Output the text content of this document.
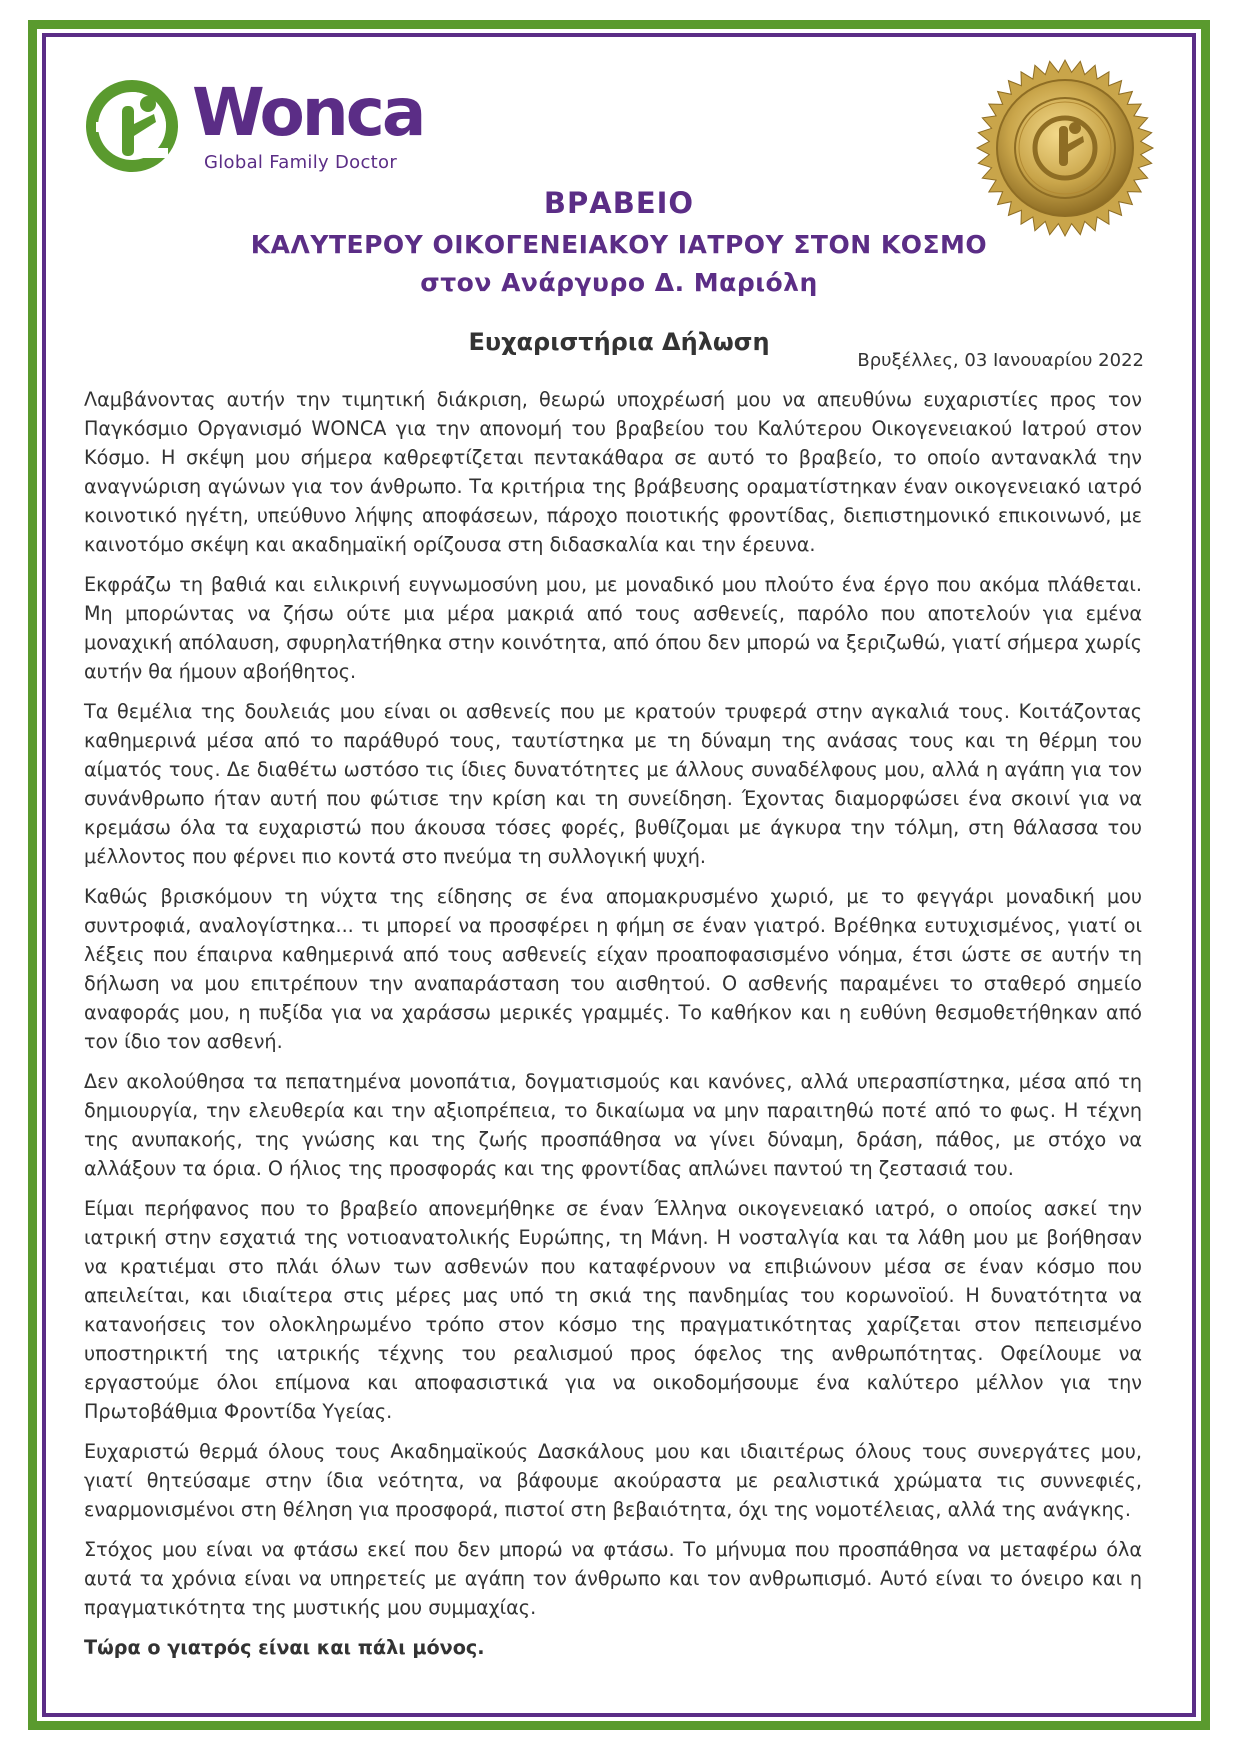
Wonca
Global Family Doctor
ΒΡΑΒΕΙΟ
ΚΑΛΥΤΕΡΟΥ ΟΙΚΟΓΕΝΕΙΑΚΟΥ ΙΑΤΡΟΥ ΣΤΟΝ ΚΟΣΜΟ
στον Ανάργυρο Δ. Μαριόλη
Ευχαριστήρια Δήλωση
Βρυξέλλες, 03 Ιανουαρίου 2022

Λαμβάνοντας αυτήν την τιμητική διάκριση, θεωρώ υποχρέωσή μου να απευθύνω ευχαριστίες προς τον Παγκόσμιο Οργανισμό WONCA για την απονομή του βραβείου του Καλύτερου Οικογενειακού Ιατρού στον Κόσμο. Η σκέψη μου σήμερα καθρεφτίζεται πεντακάθαρα σε αυτό το βραβείο, το οποίο αντανακλά την αναγνώριση αγώνων για τον άνθρωπο. Τα κριτήρια της βράβευσης οραματίστηκαν έναν οικογενειακό ιατρό κοινοτικό ηγέτη, υπεύθυνο λήψης αποφάσεων, πάροχο ποιοτικής φροντίδας, διεπιστημονικό επικοινωνό, με καινοτόμο σκέψη και ακαδημαϊκή ορίζουσα στη διδασκαλία και την έρευνα.

Εκφράζω τη βαθιά και ειλικρινή ευγνωμοσύνη μου, με μοναδικό μου πλούτο ένα έργο που ακόμα πλάθεται. Μη μπορώντας να ζήσω ούτε μια μέρα μακριά από τους ασθενείς, παρόλο που αποτελούν για εμένα μοναχική απόλαυση, σφυρηλατήθηκα στην κοινότητα, από όπου δεν μπορώ να ξεριζωθώ, γιατί σήμερα χωρίς αυτήν θα ήμουν αβοήθητος.

Τα θεμέλια της δουλειάς μου είναι οι ασθενείς που με κρατούν τρυφερά στην αγκαλιά τους. Κοιτάζοντας καθημερινά μέσα από το παράθυρό τους, ταυτίστηκα με τη δύναμη της ανάσας τους και τη θέρμη του αίματός τους. Δε διαθέτω ωστόσο τις ίδιες δυνατότητες με άλλους συναδέλφους μου, αλλά η αγάπη για τον συνάνθρωπο ήταν αυτή που φώτισε την κρίση και τη συνείδηση. Έχοντας διαμορφώσει ένα σκοινί για να κρεμάσω όλα τα ευχαριστώ που άκουσα τόσες φορές, βυθίζομαι με άγκυρα την τόλμη, στη θάλασσα του μέλλοντος που φέρνει πιο κοντά στο πνεύμα τη συλλογική ψυχή.

Καθώς βρισκόμουν τη νύχτα της είδησης σε ένα απομακρυσμένο χωριό, με το φεγγάρι μοναδική μου συντροφιά, αναλογίστηκα... τι μπορεί να προσφέρει η φήμη σε έναν γιατρό. Βρέθηκα ευτυχισμένος, γιατί οι λέξεις που έπαιρνα καθημερινά από τους ασθενείς είχαν προαποφασισμένο νόημα, έτσι ώστε σε αυτήν τη δήλωση να μου επιτρέπουν την αναπαράσταση του αισθητού. Ο ασθενής παραμένει το σταθερό σημείο αναφοράς μου, η πυξίδα για να χαράσσω μερικές γραμμές. Το καθήκον και η ευθύνη θεσμοθετήθηκαν από τον ίδιο τον ασθενή.

Δεν ακολούθησα τα πεπατημένα μονοπάτια, δογματισμούς και κανόνες, αλλά υπερασπίστηκα, μέσα από τη δημιουργία, την ελευθερία και την αξιοπρέπεια, το δικαίωμα να μην παραιτηθώ ποτέ από το φως. Η τέχνη της ανυπακοής, της γνώσης και της ζωής προσπάθησα να γίνει δύναμη, δράση, πάθος, με στόχο να αλλάξουν τα όρια. Ο ήλιος της προσφοράς και της φροντίδας απλώνει παντού τη ζεστασιά του.

Είμαι περήφανος που το βραβείο απονεμήθηκε σε έναν Έλληνα οικογενειακό ιατρό, ο οποίος ασκεί την ιατρική στην εσχατιά της νοτιοανατολικής Ευρώπης, τη Μάνη. Η νοσταλγία και τα λάθη μου με βοήθησαν να κρατιέμαι στο πλάι όλων των ασθενών που καταφέρνουν να επιβιώνουν μέσα σε έναν κόσμο που απειλείται, και ιδιαίτερα στις μέρες μας υπό τη σκιά της πανδημίας του κορωνοϊού. Η δυνατότητα να κατανοήσεις τον ολοκληρωμένο τρόπο στον κόσμο της πραγματικότητας χαρίζεται στον πεπεισμένο υποστηρικτή της ιατρικής τέχνης του ρεαλισμού προς όφελος της ανθρωπότητας. Οφείλουμε να εργαστούμε όλοι επίμονα και αποφασιστικά για να οικοδομήσουμε ένα καλύτερο μέλλον για την Πρωτοβάθμια Φροντίδα Υγείας.

Ευχαριστώ θερμά όλους τους Ακαδημαϊκούς Δασκάλους μου και ιδιαιτέρως όλους τους συνεργάτες μου, γιατί θητεύσαμε στην ίδια νεότητα, να βάφουμε ακούραστα με ρεαλιστικά χρώματα τις συννεφιές, εναρμονισμένοι στη θέληση για προσφορά, πιστοί στη βεβαιότητα, όχι της νομοτέλειας, αλλά της ανάγκης.

Στόχος μου είναι να φτάσω εκεί που δεν μπορώ να φτάσω. Το μήνυμα που προσπάθησα να μεταφέρω όλα αυτά τα χρόνια είναι να υπηρετείς με αγάπη τον άνθρωπο και τον ανθρωπισμό. Αυτό είναι το όνειρο και η πραγματικότητα της μυστικής μου συμμαχίας.

Τώρα ο γιατρός είναι και πάλι μόνος.
